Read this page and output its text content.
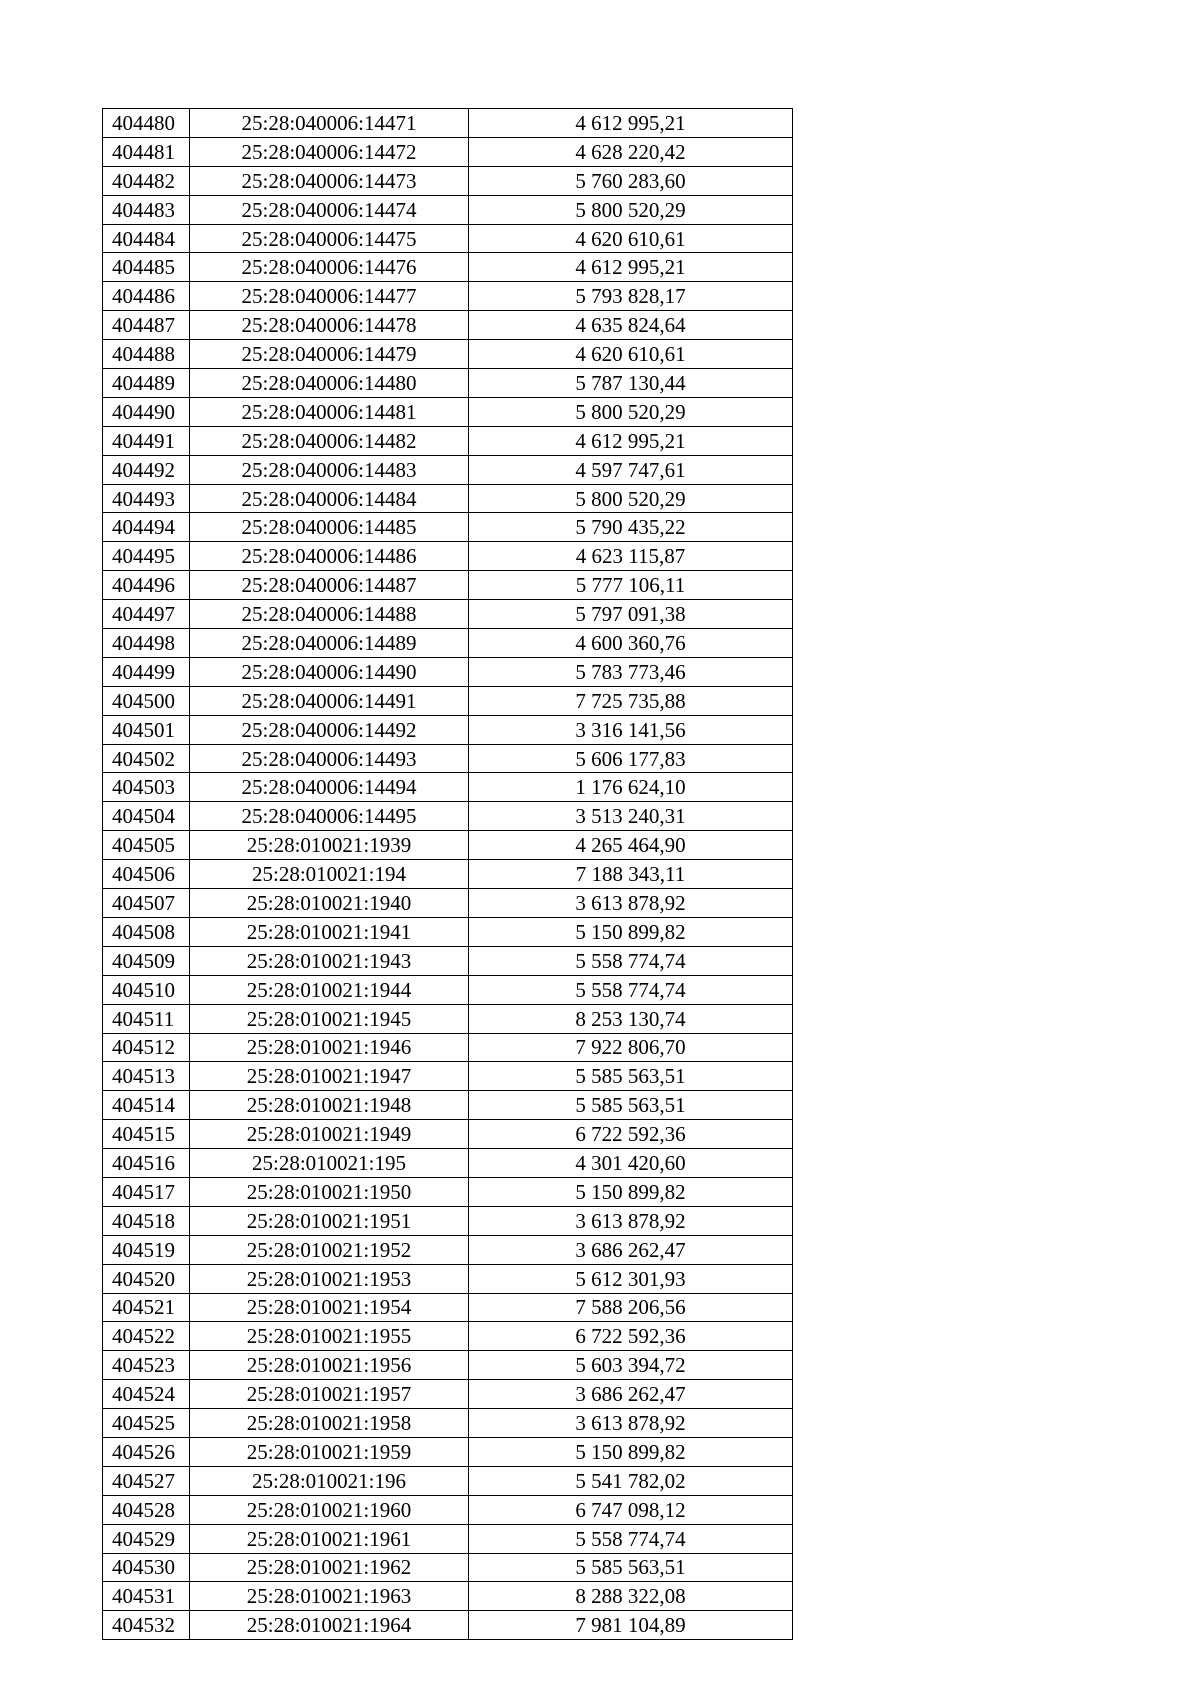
404480	25:28:040006:14471	4 612 995,21
404481	25:28:040006:14472	4 628 220,42
404482	25:28:040006:14473	5 760 283,60
404483	25:28:040006:14474	5 800 520,29
404484	25:28:040006:14475	4 620 610,61
404485	25:28:040006:14476	4 612 995,21
404486	25:28:040006:14477	5 793 828,17
404487	25:28:040006:14478	4 635 824,64
404488	25:28:040006:14479	4 620 610,61
404489	25:28:040006:14480	5 787 130,44
404490	25:28:040006:14481	5 800 520,29
404491	25:28:040006:14482	4 612 995,21
404492	25:28:040006:14483	4 597 747,61
404493	25:28:040006:14484	5 800 520,29
404494	25:28:040006:14485	5 790 435,22
404495	25:28:040006:14486	4 623 115,87
404496	25:28:040006:14487	5 777 106,11
404497	25:28:040006:14488	5 797 091,38
404498	25:28:040006:14489	4 600 360,76
404499	25:28:040006:14490	5 783 773,46
404500	25:28:040006:14491	7 725 735,88
404501	25:28:040006:14492	3 316 141,56
404502	25:28:040006:14493	5 606 177,83
404503	25:28:040006:14494	1 176 624,10
404504	25:28:040006:14495	3 513 240,31
404505	25:28:010021:1939	4 265 464,90
404506	25:28:010021:194	7 188 343,11
404507	25:28:010021:1940	3 613 878,92
404508	25:28:010021:1941	5 150 899,82
404509	25:28:010021:1943	5 558 774,74
404510	25:28:010021:1944	5 558 774,74
404511	25:28:010021:1945	8 253 130,74
404512	25:28:010021:1946	7 922 806,70
404513	25:28:010021:1947	5 585 563,51
404514	25:28:010021:1948	5 585 563,51
404515	25:28:010021:1949	6 722 592,36
404516	25:28:010021:195	4 301 420,60
404517	25:28:010021:1950	5 150 899,82
404518	25:28:010021:1951	3 613 878,92
404519	25:28:010021:1952	3 686 262,47
404520	25:28:010021:1953	5 612 301,93
404521	25:28:010021:1954	7 588 206,56
404522	25:28:010021:1955	6 722 592,36
404523	25:28:010021:1956	5 603 394,72
404524	25:28:010021:1957	3 686 262,47
404525	25:28:010021:1958	3 613 878,92
404526	25:28:010021:1959	5 150 899,82
404527	25:28:010021:196	5 541 782,02
404528	25:28:010021:1960	6 747 098,12
404529	25:28:010021:1961	5 558 774,74
404530	25:28:010021:1962	5 585 563,51
404531	25:28:010021:1963	8 288 322,08
404532	25:28:010021:1964	7 981 104,89
